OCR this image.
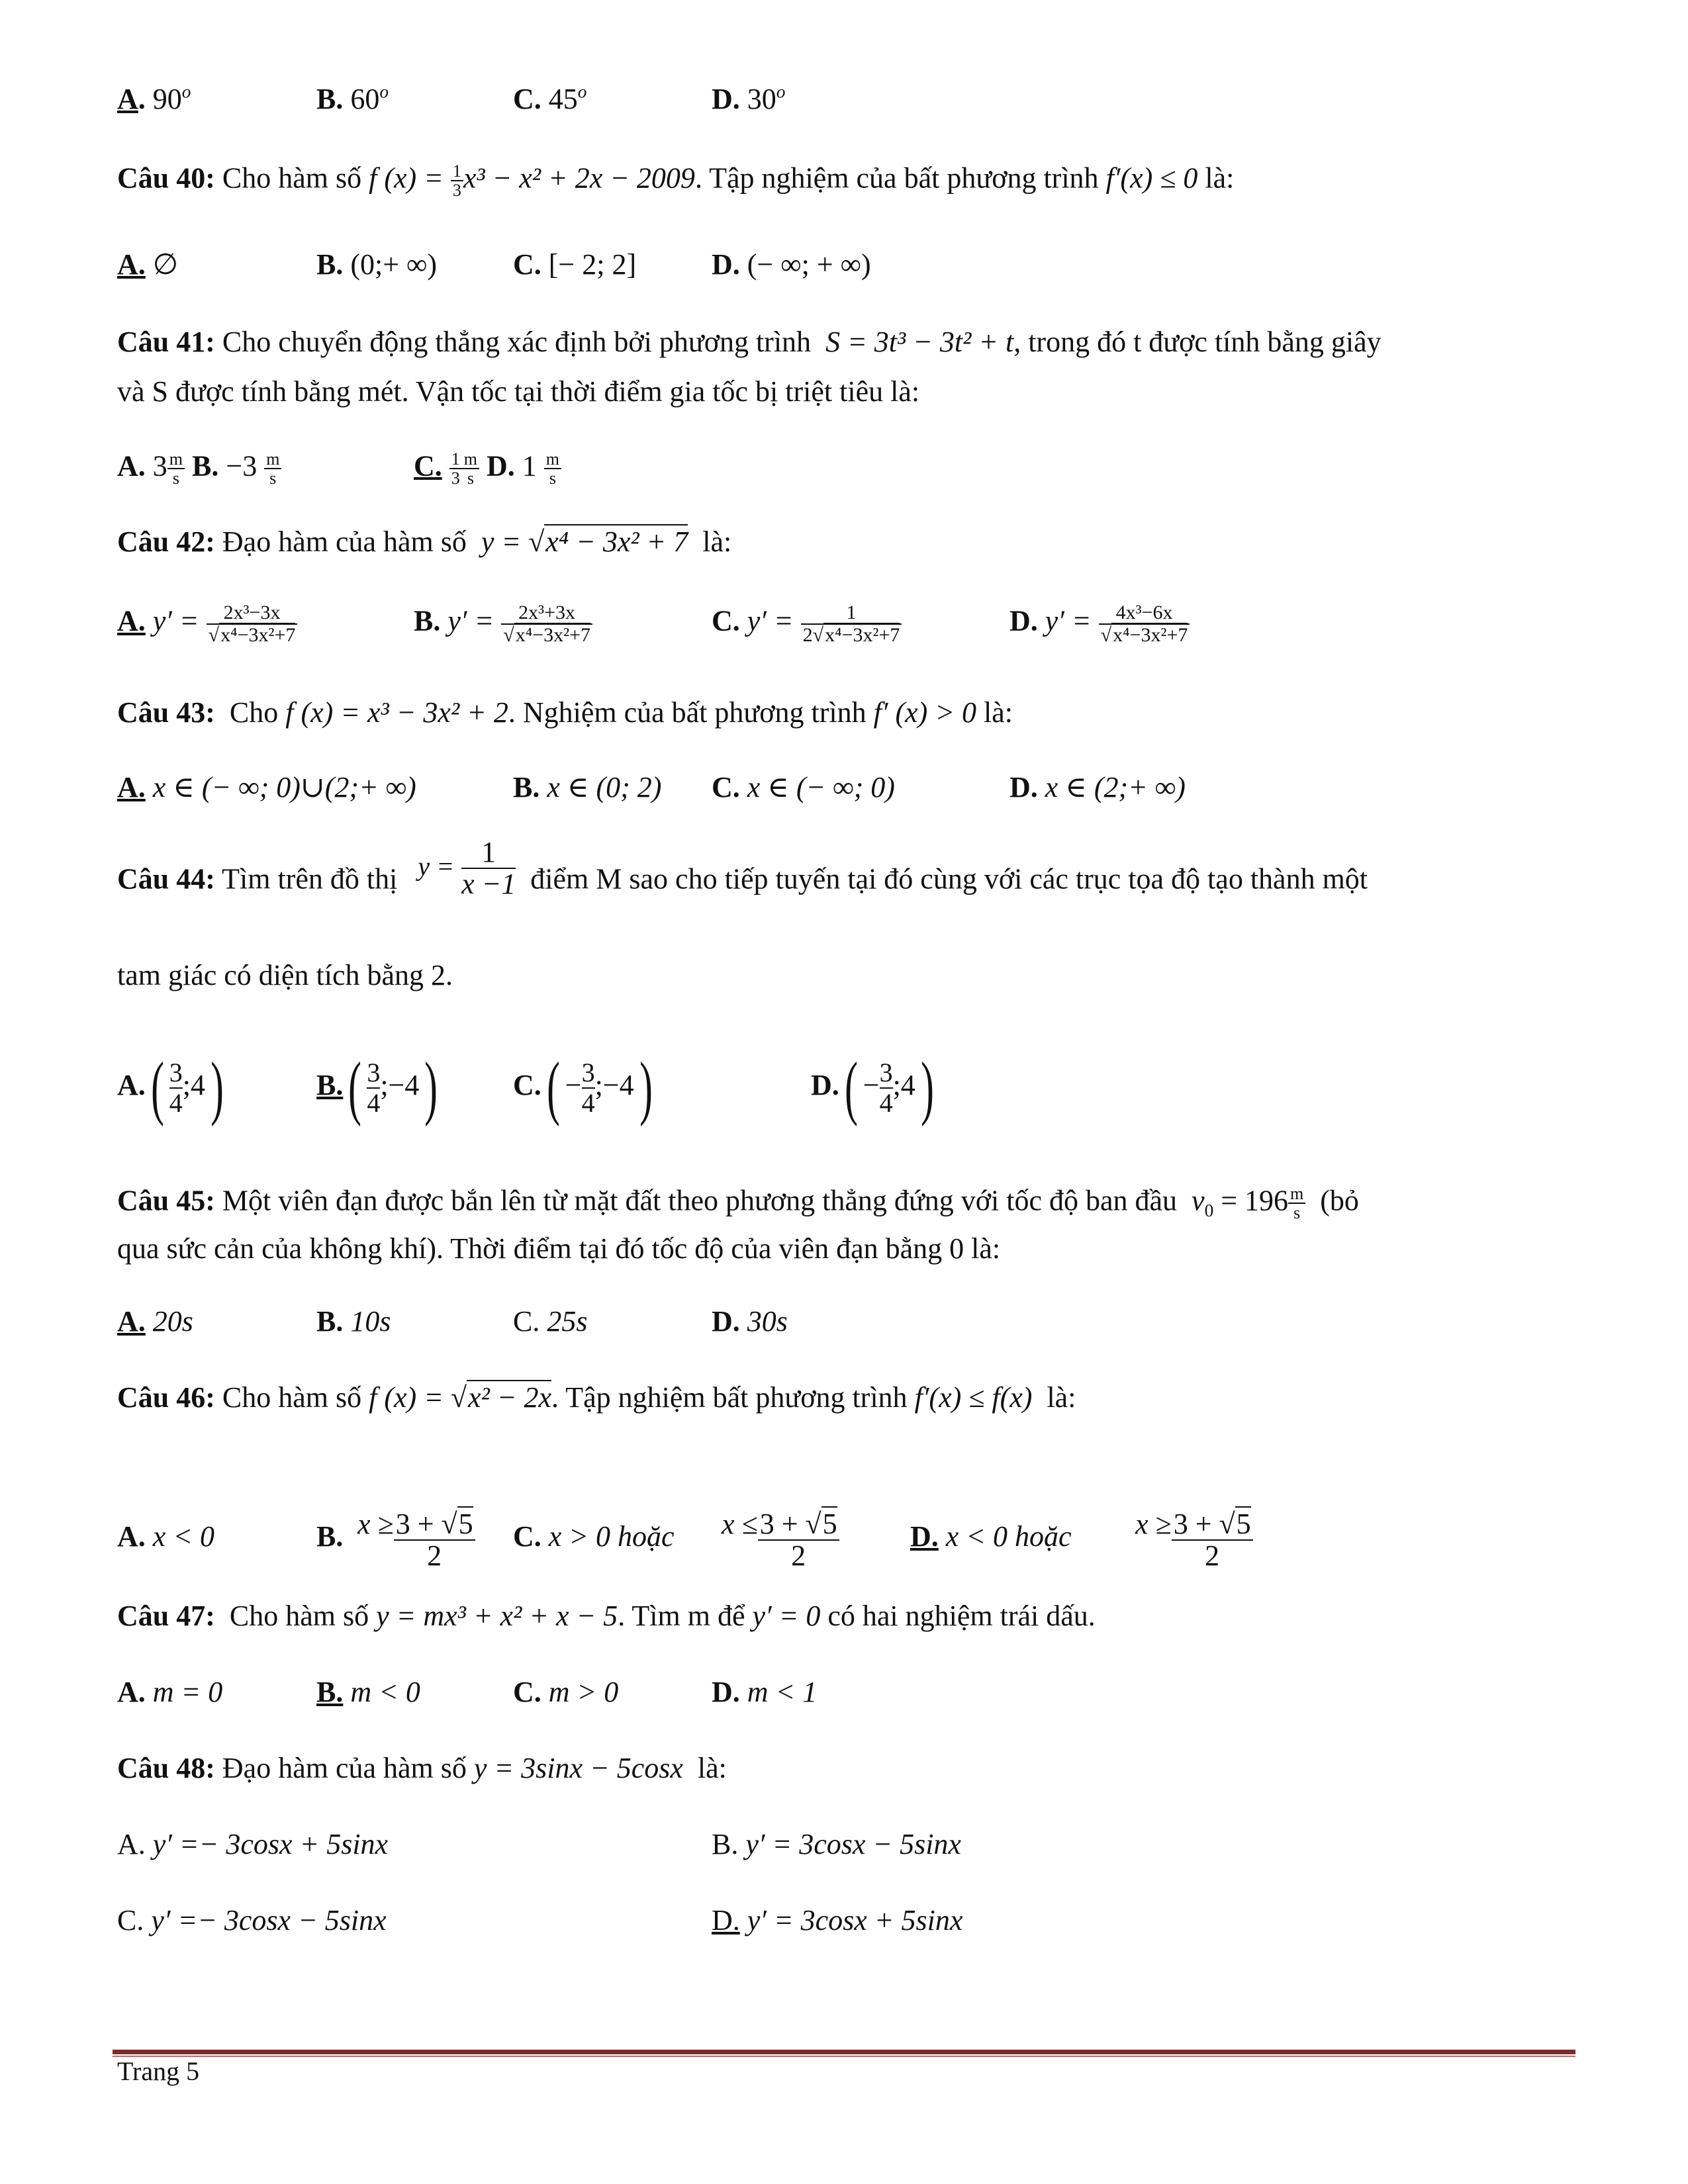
A. 90$^o$	B. 60$^o$	C. 45$^o$	D. 30$^o$
Câu 40: Cho hàm số f $(x) = \frac{1}{3} x^3 - x^2 + 2x - 2009$. Tập nghiệm của bất phương trình f′(x) ≤ 0 là:
A. ∅	B. (0;+ ∞)	C. [− 2; 2]	D. (− ∞; + ∞)
Câu 41: Cho chuyển động thẳng xác định bởi phương trình S = 3t³ − 3t² + t, trong đó t được tính bằng giây
và S được tính bằng mét. Vận tốc tại thời điểm gia tốc bị triệt tiêu là:
A. $3 \frac{m}{s} B$. $-3 \frac{m}{s}$	C. $\frac{1}{3} \frac{m}{s} D$. $1 \frac{m}{s}$
Câu 42: Đạo hàm của hàm số y = √x⁴ − 3x² + 7 là:
A. $y' = \frac{\text{2x³−3x}}{\text{√x⁴−3x²+7}}$	B. $y' = \frac{\text{2x³+3x}}{\text{√x⁴−3x²+7}}$	C. $y' = \frac{1}{\text{2√x⁴−3x²+7}}$	D. $y' = \frac{\text{4x³−6x}}{\text{√x⁴−3x²+7}}$
Câu 43: Cho f (x) = x³ − 3x² + 2. Nghiệm của bất phương trình f′ (x) > 0 là:
A. x ∈ (− ∞; 0)∪(2;+ ∞)	B. x ∈ (0; 2) C. x ∈ (− ∞; 0)	D. x ∈ (2;+ ∞)
Câu 44: Tìm trên đồ thị $y = \frac{1}{x -1}$ điểm M sao cho tiếp tuyến tại đó cùng với các trục tọa độ tạo thành một
tam giác có diện tích bằng 2.
$A.( \frac{3}{4}$ ;4)	$B.( \frac{3}{4}$ ;−4)	$C.( - \frac{3}{4}$ ;−4)	$D.( - \frac{3}{4}$ ;4)
Câu 45: Một viên đạn được bắn lên từ mặt đất theo phương thẳng đứng với tốc độ ban đầu $v_0 = 196 \frac{m}{s}$ (bỏ
qua sức cản của không khí). Thời điểm tại đó tốc độ của viên đạn bằng 0 là:
A. 20s	B. 10s	C. 25s	D. 30s
Câu 46: Cho hàm số f (x) = √x² − 2x. Tập nghiệm bất phương trình f′(x) ≤ f(x) là:
A. x < 0	B. $x \ge \frac{3 + √5}{2} C$. x > 0 hoặc $x \le \frac{3 + √5}{2} D$. x < 0 hoặc $x \ge \frac{3 + √5}{2}$
Câu 47: Cho hàm số y = mx³ + x² + x − 5. Tìm m để y′ = 0 có hai nghiệm trái dấu.
A. m = 0	B. m < 0	C. m > 0	D. m < 1
Câu 48: Đạo hàm của hàm số y = 3sinx − 5cosx là:
A. y′ =− 3cosx + 5sinx	B. y′ = 3cosx − 5sinx
C. y′ =− 3cosx − 5sinx	D. y′ = 3cosx + 5sinx
Trang 5
